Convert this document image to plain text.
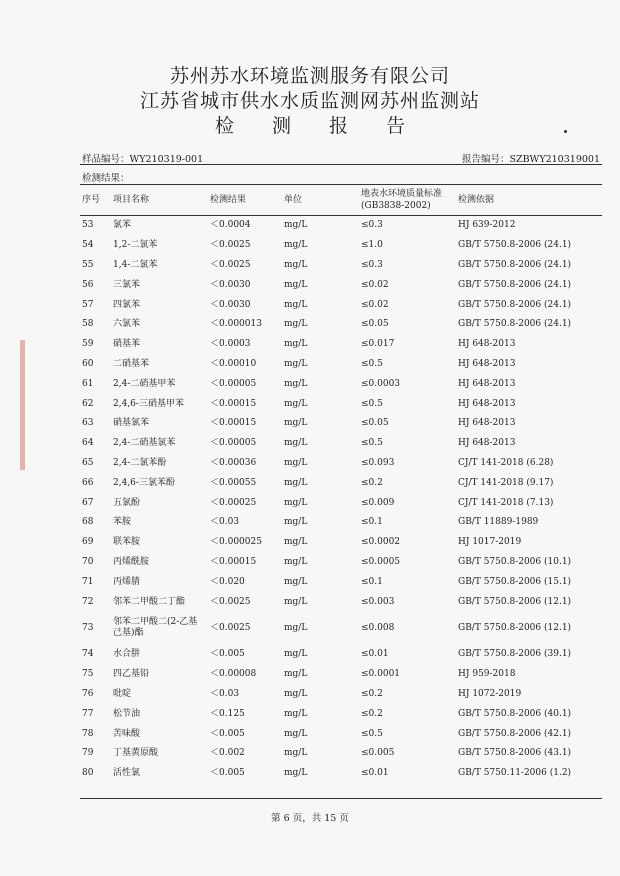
苏州苏水环境监测服务有限公司
江苏省城市供水水质监测网苏州监测站
检测报告
样品编号：WY210319-001	报告编号：SZBWY210319001
检测结果：
序号	项目名称	检测结果	单位	地表水环境质量标准(GB3838-2002)	检测依据
53	氯苯	＜0.0004	mg/L	≤0.3	HJ 639-2012
54	1,2-二氯苯	＜0.0025	mg/L	≤1.0	GB/T 5750.8-2006 (24.1)
55	1,4-二氯苯	＜0.0025	mg/L	≤0.3	GB/T 5750.8-2006 (24.1)
56	三氯苯	＜0.0030	mg/L	≤0.02	GB/T 5750.8-2006 (24.1)
57	四氯苯	＜0.0030	mg/L	≤0.02	GB/T 5750.8-2006 (24.1)
58	六氯苯	＜0.000013	mg/L	≤0.05	GB/T 5750.8-2006 (24.1)
59	硝基苯	＜0.0003	mg/L	≤0.017	HJ 648-2013
60	二硝基苯	＜0.00010	mg/L	≤0.5	HJ 648-2013
61	2,4-二硝基甲苯	＜0.00005	mg/L	≤0.0003	HJ 648-2013
62	2,4,6-三硝基甲苯	＜0.00015	mg/L	≤0.5	HJ 648-2013
63	硝基氯苯	＜0.00015	mg/L	≤0.05	HJ 648-2013
64	2,4-二硝基氯苯	＜0.00005	mg/L	≤0.5	HJ 648-2013
65	2,4-二氯苯酚	＜0.00036	mg/L	≤0.093	CJ/T 141-2018 (6.28)
66	2,4,6-三氯苯酚	＜0.00055	mg/L	≤0.2	CJ/T 141-2018 (9.17)
67	五氯酚	＜0.00025	mg/L	≤0.009	CJ/T 141-2018 (7.13)
68	苯胺	＜0.03	mg/L	≤0.1	GB/T 11889-1989
69	联苯胺	＜0.000025	mg/L	≤0.0002	HJ 1017-2019
70	丙烯酰胺	＜0.00015	mg/L	≤0.0005	GB/T 5750.8-2006 (10.1)
71	丙烯腈	＜0.020	mg/L	≤0.1	GB/T 5750.8-2006 (15.1)
72	邻苯二甲酸二丁酯	＜0.0025	mg/L	≤0.003	GB/T 5750.8-2006 (12.1)
73	邻苯二甲酸二(2-乙基己基)酯	＜0.0025	mg/L	≤0.008	GB/T 5750.8-2006 (12.1)
74	水合肼	＜0.005	mg/L	≤0.01	GB/T 5750.8-2006 (39.1)
75	四乙基铅	＜0.00008	mg/L	≤0.0001	HJ 959-2018
76	吡啶	＜0.03	mg/L	≤0.2	HJ 1072-2019
77	松节油	＜0.125	mg/L	≤0.2	GB/T 5750.8-2006 (40.1)
78	苦味酸	＜0.005	mg/L	≤0.5	GB/T 5750.8-2006 (42.1)
79	丁基黄原酸	＜0.002	mg/L	≤0.005	GB/T 5750.8-2006 (43.1)
80	活性氯	＜0.005	mg/L	≤0.01	GB/T 5750.11-2006 (1.2)
第 6 页，共 15 页
